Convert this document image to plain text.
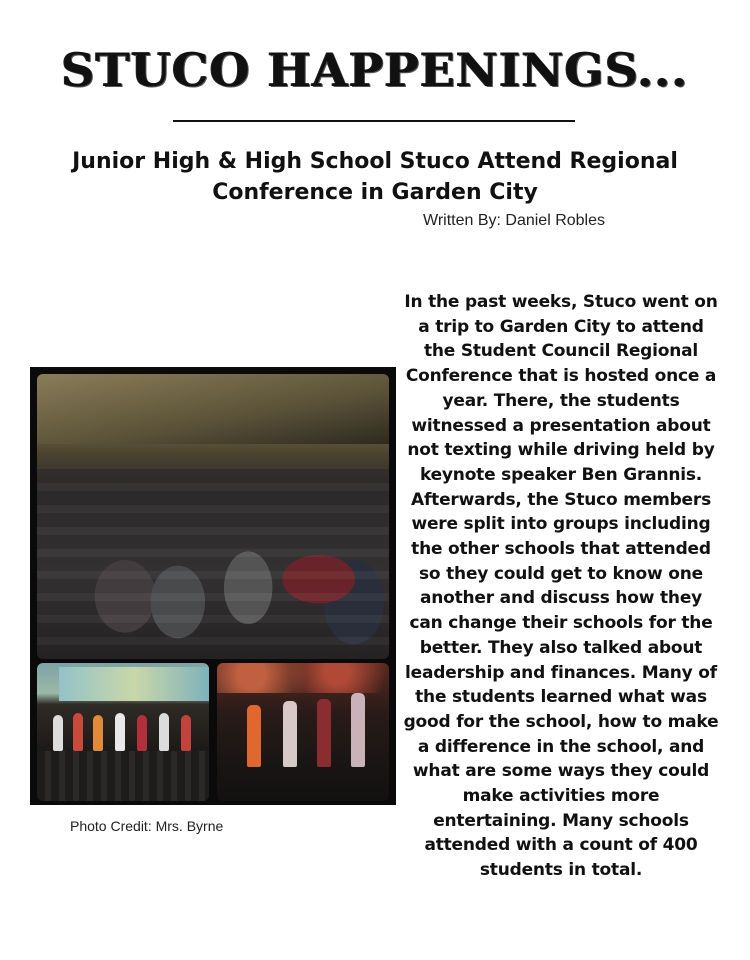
STUCO HAPPENINGS...
Junior High & High School Stuco Attend Regional Conference in Garden City
Written By: Daniel Robles
Photo Credit: Mrs. Byrne
In the past weeks, Stuco went on a trip to Garden City to attend the Student Council Regional Conference that is hosted once a year. There, the students witnessed a presentation about not texting while driving held by keynote speaker Ben Grannis. Afterwards, the Stuco members were split into groups including the other schools that attended so they could get to know one another and discuss how they can change their schools for the better. They also talked about leadership and finances. Many of the students learned what was good for the school, how to make a difference in the school, and what are some ways they could make activities more entertaining. Many schools attended with a count of 400 students in total.
